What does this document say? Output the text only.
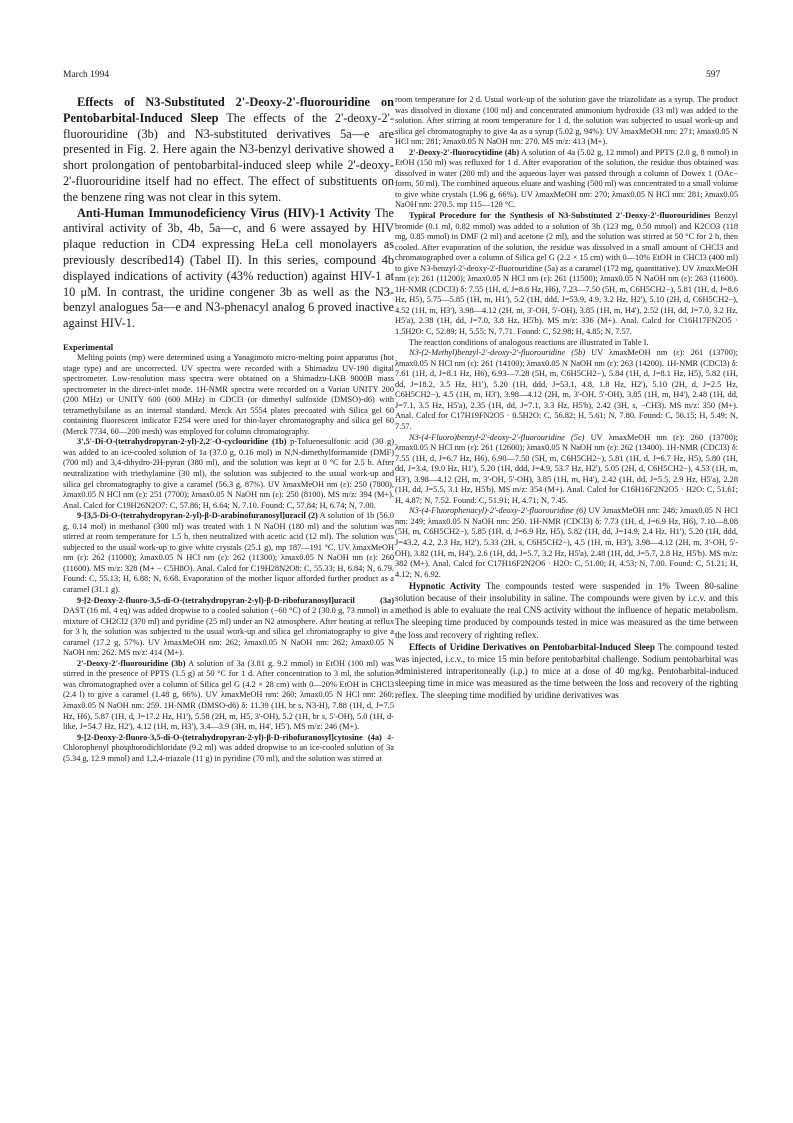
March 1994	597

Effects of N3-Substituted 2'-Deoxy-2'-fluorouridine on Pentobarbital-Induced Sleep The effects of the 2'-deoxy-2'-fluorouridine (3b) and N3-substituted derivatives 5a—e are presented in Fig. 2. Here again the N3-benzyl derivative showed a short prolongation of pentobarbital-induced sleep while 2'-deoxy-2'-fluorouridine itself had no effect. The effect of substituents on the benzene ring was not clear in this sytem.

Anti-Human Immunodeficiency Virus (HIV)-1 Activity The antiviral activity of 3b, 4b, 5a—c, and 6 were assayed by HIV plaque reduction in CD4 expressing HeLa cell monolayers as previously described14) (Tabel II). In this series, compound 4b displayed indications of activity (43% reduction) against HIV-1 at 10 μM. In contrast, the uridine congener 3b as well as the N3-benzyl analogues 5a—e and N3-phenacyl analog 6 proved inactive against HIV-1.

Experimental

Melting points (mp) were determined using a Yanagimoto micro-melting point apparatus (hot stage type) and are uncorrected. UV spectra were recorded with a Shimadzu UV-190 digital spectrometer. Low-resolution mass spectra were obtained on a Shimadzu-LKB 9000B mass spectrometer in the direct-inlet mode. 1H-NMR spectra were recorded on a Varian UNITY 200 (200 MHz) or UNITY 600 (600 MHz) in CDCl3 (or dimethyl sulfoxide (DMSO)-d6) with tetramethylsilane as an internal standard. Merck Art 5554 plates precoated with Silica gel 60 containing fluorescent indicator F254 were used for thin-layer chromatography and silica gel 60 (Merck 7734, 60—200 mesh) was employed for column chromatography.

3',5'-Di-O-(tetrahydropyran-2-yl)-2,2'-O-cyclouridine (1b) p-Toluenesulfonic acid (30 g) was added to an ice-cooled solution of 1a (37.0 g, 0.16 mol) in N,N-dimethylformamide (DMF) (700 ml) and 3,4-dihydro-2H-pyran (380 ml), and the solution was kept at 0 °C for 2.5 h. After neutralization with triethylamine (30 ml), the solution was subjected to the usual work-up and silica gel chromatography to give a caramel (56.3 g, 87%). UV λmaxMeOH nm (ε): 250 (7800), λmax0.05 N HCl nm (ε): 251 (7700); λmax0.05 N NaOH nm (ε): 250 (8100). MS m/z: 394 (M+). Anal. Calcd for C19H26N2O7: C, 57.86; H, 6.64; N, 7.10. Found: C, 57.84; H, 6.74; N, 7.00.

9-[3,5-Di-O-(tetrahydropyran-2-yl)-β-D-arabinofuranosyl]uracil (2) A solution of 1b (56.0 g, 0.14 mol) in methanol (300 ml) was treated with 1 N NaOH (180 ml) and the solution was stirred at room temperature for 1.5 h, then neutralized with acetic acid (12 ml). The solution was subjected to the usual work-up to give white crystals (25.1 g), mp 187—191 °C. UV λmaxMeOH nm (ε): 262 (11000); λmax0.05 N HCl nm (ε): 262 (11300); λmax0.05 N NaOH nm (ε): 260 (11600). MS m/z: 328 (M+ − C5H8O). Anal. Calcd for C19H28N2O8: C, 55.33; H, 6.84; N, 6.79. Found: C, 55.13; H, 6.88; N, 6.68. Evaporation of the mother liquor afforded further product as a caramel (31.1 g).

9-[2-Deoxy-2-fluoro-3,5-di-O-(tetrahydropyran-2-yl)-β-D-ribofuranosyl]uracil (3a) DAST (16 ml, 4 eq) was added dropwise to a cooled solution (−60 °C) of 2 (30.0 g, 73 mmol) in a mixture of CH2Cl2 (370 ml) and pyridine (25 ml) under an N2 atmosphere. After heating at reflux for 3 h, the solution was subjected to the usual work-up and silica gel chromatography to give a caramel (17.2 g, 57%). UV λmaxMeOH nm: 262; λmax0.05 N NaOH nm: 262; λmax0.05 N NaOH nm: 262. MS m/z: 414 (M+).

2'-Deoxy-2'-fluorouridine (3b) A solution of 3a (3.81 g, 9.2 mmol) in EtOH (100 ml) was stirred in the presence of PPTS (1.5 g) at 50 °C for 1 d. After concentration to 3 ml, the solution was chromatographed over a column of Silica gel G (4.2 × 28 cm) with 0—20% EtOH in CHCl3 (2.4 l) to give a caramel (1.48 g, 66%). UV λmaxMeOH nm: 260; λmax0.05 N HCl nm: 260; λmax0.05 N NaOH nm: 259. 1H-NMR (DMSO-d6) δ: 11.39 (1H, br s, N3-H), 7.88 (1H, d, J=7.5 Hz, H6), 5.87 (1H, d, J=17.2 Hz, H1'), 5.58 (2H, m, H5, 3'-OH), 5.2 (1H, br s, 5'-OH), 5.0 (1H, d-like, J=54.7 Hz, H2'), 4.12 (1H, m, H3'), 3.4—3.9 (3H, m, H4', H5'). MS m/z: 246 (M+).

9-[2-Deoxy-2-fluoro-3,5-di-O-(tetrahydropyran-2-yl)-β-D-ribofuranosyl]cytosine (4a) 4-Chlorophenyl phosphorodichloridate (9.2 ml) was added dropwise to an ice-cooled solution of 3a (5.34 g, 12.9 mmol) and 1,2,4-triazole (11 g) in pyridine (70 ml), and the solution was stirred at

room temperature for 2 d. Usual work-up of the solution gave the triazolidate as a syrup. The product was dissolved in dioxane (100 ml) and concentrated ammonium hydroxide (33 ml) was added to the solution. After stirring at room temperature for 1 d, the solution was subjected to usual work-up and silica gel chromatography to give 4a as a syrup (5.02 g, 94%). UV λmaxMeOH nm: 271; λmax0.05 N HCl nm: 281; λmax0.05 N NaOH nm: 270. MS m/z: 413 (M+).

2'-Deoxy-2'-fluorocytidine (4b) A solution of 4a (5.02 g, 12 mmol) and PPTS (2.0 g, 8 mmol) in EtOH (150 ml) was refluxed for 1 d. After evaporation of the solution, the residue thus obtained was dissolved in water (200 ml) and the aqueous layer was passed through a column of Dowex 1 (OAc− form, 50 ml). The combined aqueous eluate and washing (500 ml) was concentrated to a small volume to give white crystals (1.96 g, 66%). UV λmaxMeOH nm: 270; λmax0.05 N HCl nm: 281; λmax0.05 NaOH nm: 270.5. mp 115—120 °C.

Typical Procedure for the Synthesis of N3-Substituted 2'-Deoxy-2'-fluorouridines Benzyl bromide (0.1 ml, 0.82 mmol) was added to a solution of 3b (123 mg, 0.50 mmol) and K2CO3 (118 mg, 0.85 mmol) in DMF (2 ml) and acetone (2 ml), and the solution was stirred at 50 °C for 2 h, then cooled. After evaporation of the solution, the residue was dissolved in a small amount of CHCl3 and chromatographed over a column of Silica gel G (2.2 × 15 cm) with 0—10% EtOH in CHCl3 (400 ml) to give N3-benzyl-2'-deoxy-2'-fluorouridine (5a) as a caramel (172 mg, quantitative). UV λmaxMeOH nm (ε): 261 (11200); λmax0.05 N HCl nm (ε): 261 (11500); λmax0.05 N NaOH nm (ε): 263 (11600). 1H-NMR (CDCl3) δ: 7.55 (1H, d, J=8.6 Hz, H6), 7.23—7.50 (5H, m, C6H5CH2−), 5.81 (1H, d, J=8.6 Hz, H5), 5.75—5.85 (1H, m, H1'), 5.2 (1H, ddd, J=53.9, 4.9, 3.2 Hz, H2'), 5.10 (2H, d, C6H5CH2−), 4.52 (1H, m, H3'), 3.98—4.12 (2H, m, 3'-OH, 5'-OH), 3.85 (1H, m, H4'), 2.52 (1H, dd, J=7.0, 3.2 Hz, H5'a), 2.38 (1H, dd, J=7.0, 3.8 Hz, H5'b). MS m/z: 336 (M+). Anal. Calcd for C16H17FN2O5 · 1.5H2O: C, 52.89; H, 5.55; N, 7.71. Found: C, 52.98; H, 4.85; N, 7.57.

The reaction conditions of analogous reactions are illustrated in Table I.

N3-(2-Methyl)benzyl-2'-deoxy-2'-fluorouridine (5b) UV λmaxMeOH nm (ε): 261 (13700); λmax0.05 N HCl nm (ε): 261 (14100); λmax0.05 N NaOH nm (ε): 263 (14200). 1H-NMR (CDCl3) δ: 7.61 (1H, d, J=8.1 Hz, H6), 6.93—7.28 (5H, m, C6H5CH2−), 5.84 (1H, d, J=8.1 Hz, H5), 5.82 (1H, dd, J=18.2, 3.5 Hz, H1'), 5.20 (1H, ddd, J=53.1, 4.8, 1.8 Hz, H2'), 5.10 (2H, d, J=2.5 Hz, C6H5CH2−), 4.5 (1H, m, H3'), 3.98—4.12 (2H, m, 3'-OH, 5'-OH), 3.85 (1H, m, H4'), 2.48 (1H, dd, J=7.1, 3.5 Hz, H5'a), 2.35 (1H, dd, J=7.1, 3.3 Hz, H5'b), 2.42 (3H, s, −CH3). MS m/z: 350 (M+). Anal. Calcd for C17H19FN2O5 · 0.5H2O: C, 56.82; H, 5.61; N, 7.80. Found: C, 56.15; H, 5.49; N, 7.57.

N3-(4-Fluoro)benzyl-2'-deoxy-2'-fluorouridine (5c) UV λmaxMeOH nm (ε): 260 (13700); λmax0.05 N HCl nm (ε): 261 (12600); λmax0.05 N NaOH nm (ε): 262 (13400). 1H-NMR (CDCl3) δ: 7.55 (1H, d, J=6.7 Hz, H6), 6.90—7.50 (5H, m, C6H5CH2−), 5.81 (1H, d, J=6.7 Hz, H5), 5.80 (1H, dd, J=3.4, 19.0 Hz, H1'), 5.20 (1H, ddd, J=4.9, 53.7 Hz, H2'), 5.05 (2H, d, C6H5CH2−), 4.53 (1H, m, H3'), 3.98—4.12 (2H, m, 3'-OH, 5'-OH), 3.85 (1H, m, H4'), 2.42 (1H, dd, J=5.5, 2.9 Hz, H5'a), 2.28 (1H, dd, J=5.5, 3.1 Hz, H5'b). MS m/z: 354 (M+). Anal. Calcd for C16H16F2N2O5 · H2O: C, 51.61; H, 4.87; N, 7.52. Found: C, 51.91; H, 4.71; N, 7.45.

N3-(4-Fluorophenacyl)-2'-deoxy-2'-fluorouridine (6) UV λmaxMeOH nm: 248; λmax0.05 N HCl nm: 249; λmax0.05 N NaOH nm: 250. 1H-NMR (CDCl3) δ: 7.73 (1H, d, J=6.9 Hz, H6), 7.10—8.08 (5H, m, C6H5CH2−), 5.85 (1H, d, J=6.9 Hz, H5), 5.82 (1H, dd, J=14.9, 2.4 Hz, H1'), 5.20 (1H, ddd, J=43.2, 4.2, 2.3 Hz, H2'), 5.33 (2H, s, C6H5CH2−), 4.5 (1H, m, H3'), 3.98—4.12 (2H, m, 3'-OH, 5'-OH), 3.82 (1H, m, H4'), 2.6 (1H, dd, J=5.7, 3.2 Hz, H5'a), 2.48 (1H, dd, J=5.7, 2.8 Hz, H5'b). MS m/z: 382 (M+). Anal. Calcd for C17H16F2N2O6 · H2O: C, 51.00; H, 4.53; N, 7.00. Found: C, 51.21; H, 4.12; N, 6.92.

Hypnotic Activity The compounds tested were suspended in 1% Tween 80-saline solution because of their insolubility in saline. The compounds were given by i.c.v. and this method is able to evaluate the real CNS activity without the influence of hepatic metabolism. The sleeping time produced by compounds tested in mice was measured as the time between the loss and recovery of righting reflex.

Effects of Uridine Derivatives on Pentobarbital-Induced Sleep The compound tested was injected, i.c.v., to mice 15 min before pentobarbital challenge. Sodium pentobarbital was administered intraperitoneally (i.p.) to mice at a dose of 40 mg/kg. Pentobarbital-induced sleeping time in mice was measured as the time between the loss and recovery of the righting reflex. The sleeping time modified by uridine derivatives was
